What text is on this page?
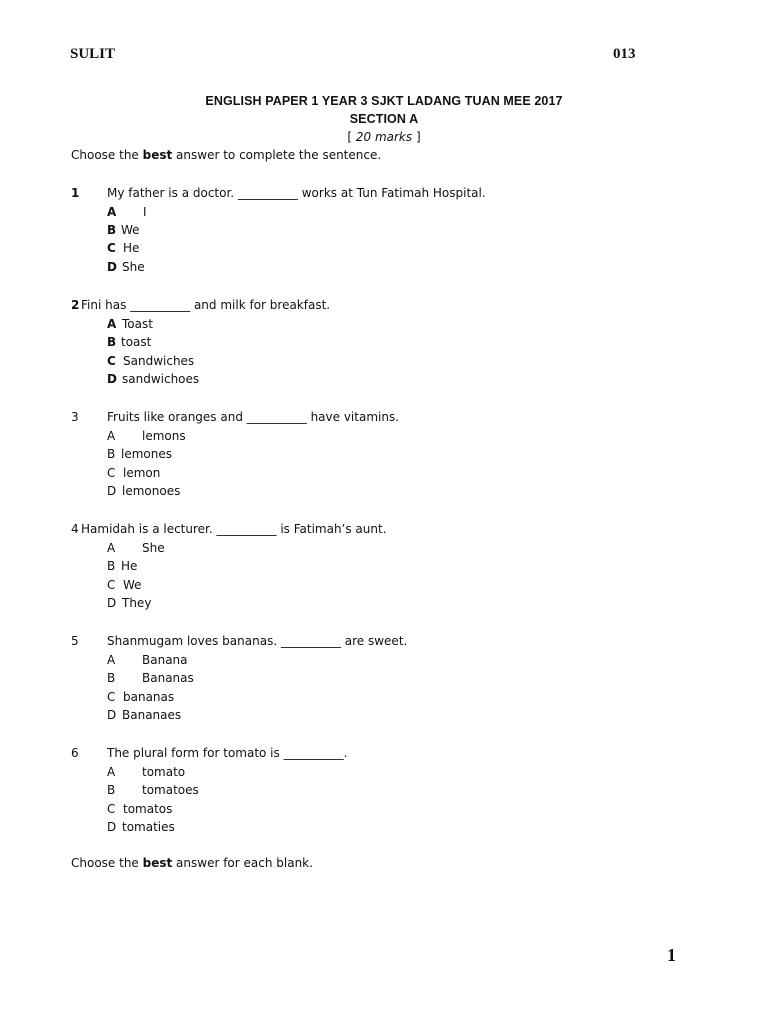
SULIT	013
ENGLISH PAPER 1 YEAR 3 SJKT LADANG TUAN MEE 2017
SECTION A
[ 20 marks ]
Choose the best answer to complete the sentence.
1 My father is a doctor. __________ works at Tun Fatimah Hospital.
A I
B We
C He
D She
2 Fini has __________ and milk for breakfast.
A Toast
B toast
C Sandwiches
D sandwichoes
3 Fruits like oranges and __________ have vitamins.
A lemons
B lemones
C lemon
D lemonoes
4 Hamidah is a lecturer. __________ is Fatimah’s aunt.
A She
B He
C We
D They
5 Shanmugam loves bananas. __________ are sweet.
A Banana
B Bananas
C bananas
D Bananaes
6 The plural form for tomato is __________.
A tomato
B tomatoes
C tomatos
D tomaties
Choose the best answer for each blank.
1
